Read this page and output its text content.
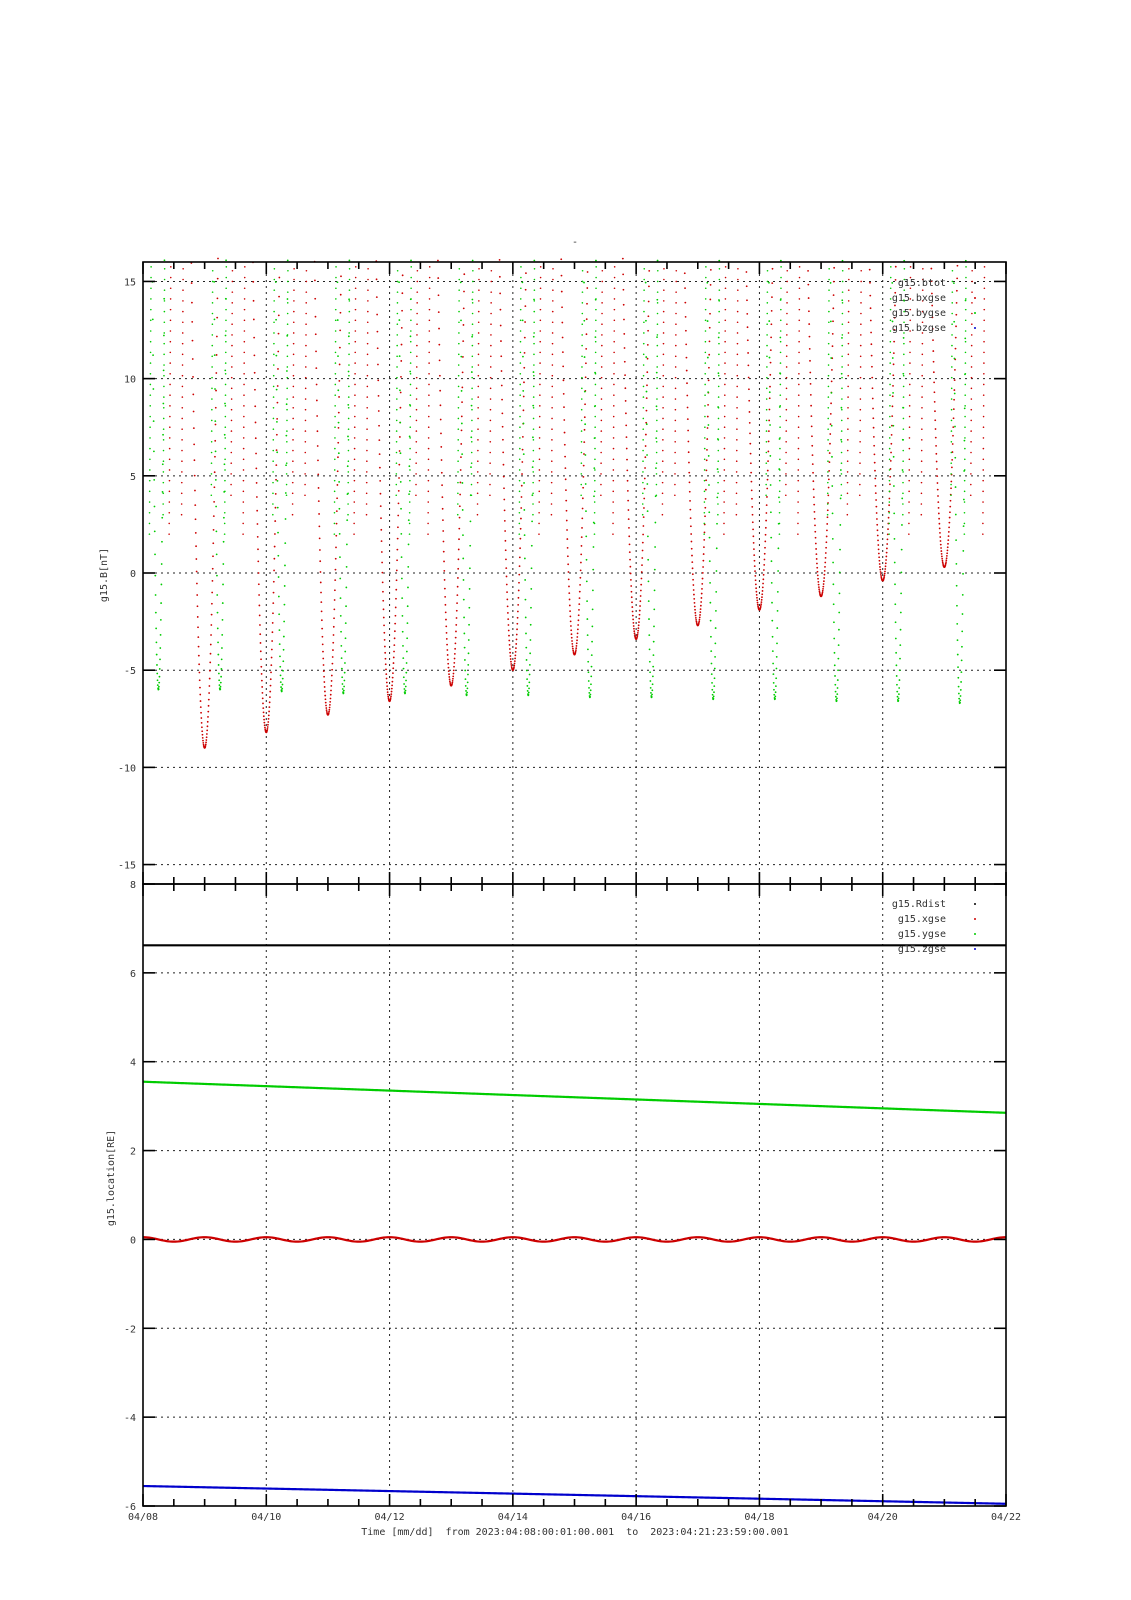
-
15
10
5
0
-5
-10
-15
g15.B[nT]
g15.btot
g15.bxgse
g15.bygse
g15.bzgse
8
6
4
2
0
-2
-4
-6
g15.location[RE]
g15.Rdist
g15.xgse
g15.ygse
g15.zgse
04/08	04/10	04/12	04/14	04/16	04/18	04/20	04/22
Time [mm/dd]  from 2023:04:08:00:01:00.001  to  2023:04:21:23:59:00.001
